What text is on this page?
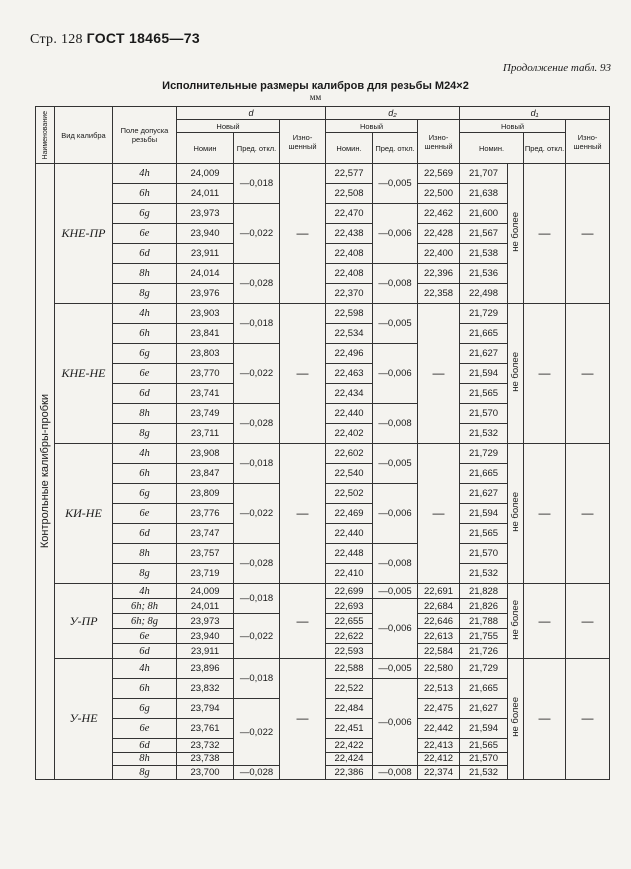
Стр. 128 ГОСТ 18465—73
Продолжение табл. 93
Исполнительные размеры калибров для резьбы М24×2
мм
Наименование	Вид калибра	Поле допуска резьбы	d			d₂			d₁			
			Новый		Изно-шенный	Новый		Изно-шенный	Новый			Изно-шенный
			Номин	Пред. откл.		Номин.	Пред. откл.		Номин.		Пред. откл.	

Контрольные калибры-пробки	КНЕ-ПР	4h	24,009	—0,018	—	22,577	—0,005	22,569	21,707	не более	—	—
		6h	24,011			22,508		22,500	21,638			
		6g	23,973	—0,022		22,470	—0,006	22,462	21,600			
		6e	23,940			22,438		22,428	21,567			
		6d	23,911			22,408		22,400	21,538			
		8h	24,014	—0,028		22,408	—0,008	22,396	21,536			
		8g	23,976			22,370		22,358	22,498			
	КНЕ-НЕ	4h	23,903	—0,018	—	22,598	—0,005	—	21,729	не более	—	—
		6h	23,841			22,534			21,665			
		6g	23,803	—0,022		22,496	—0,006		21,627			
		6e	23,770			22,463			21,594			
		6d	23,741			22,434			21,565			
		8h	23,749	—0,028		22,440	—0,008		21,570			
		8g	23,711			22,402			21,532			
	КИ-НЕ	4h	23,908	—0,018	—	22,602	—0,005	—	21,729	не более	—	—
		6h	23,847			22,540			21,665			
		6g	23,809	—0,022		22,502	—0,006		21,627			
		6e	23,776			22,469			21,594			
		6d	23,747			22,440			21,565			
		8h	23,757	—0,028		22,448	—0,008		21,570			
		8g	23,719			22,410			21,532			
	У-ПР	4h	24,009	—0,018	—	22,699	—0,005	22,691	21,828	не более	—	—
		6h; 8h	24,011			22,693	—0,006	22,684	21,826			
		6h; 8g	23,973	—0,022		22,655		22,646	21,788			
		6e	23,940			22,622		22,613	21,755			
		6d	23,911			22,593		22,584	21,726			
	У-НЕ	4h	23,896	—0,018	—	22,588	—0,005	22,580	21,729	не более	—	—
		6h	23,832			22,522	—0,006	22,513	21,665			
		6g	23,794	—0,022		22,484		22,475	21,627			
		6e	23,761			22,451		22,442	21,594			
		6d	23,732			22,422		22,413	21,565			
		8h	23,738			22,424		22,412	21,570			
		8g	23,700	—0,028		22,386	—0,008	22,374	21,532			
